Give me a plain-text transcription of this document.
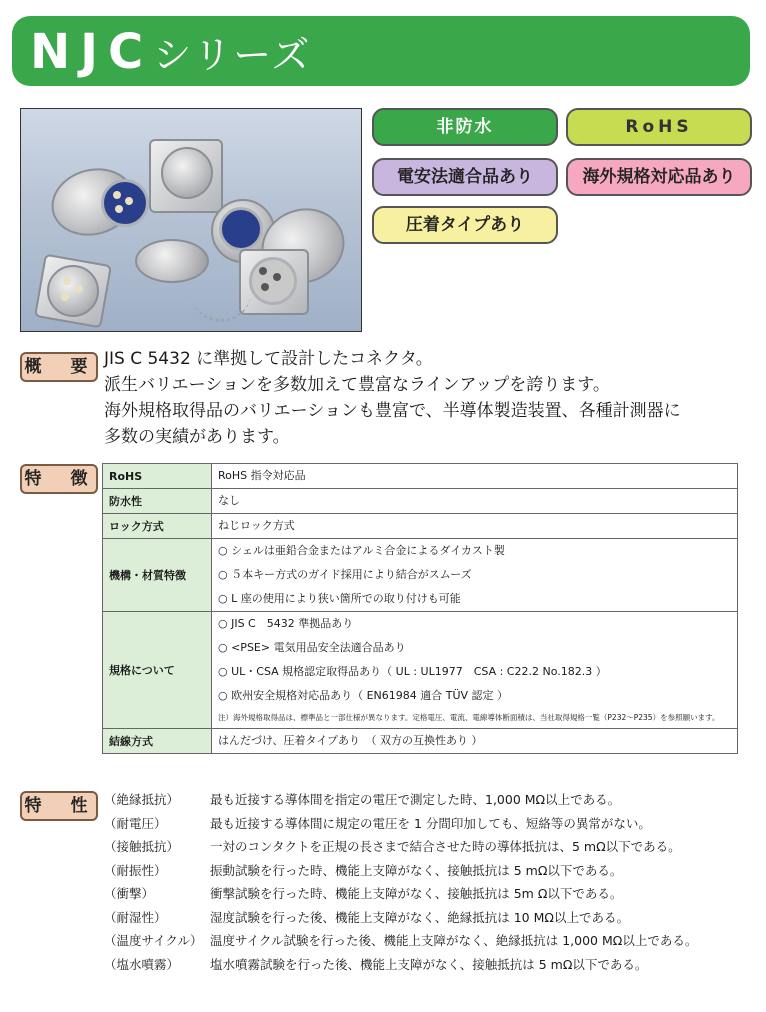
NJCシリーズ
非防水	RoHS
電安法適合品あり	海外規格対応品あり
圧着タイプあり
概　要 JIS C 5432 に準拠して設計したコネクタ。
派生バリエーションを多数加えて豊富なラインアップを誇ります。
海外規格取得品のバリエーションも豊富で、半導体製造装置、各種計測器に
多数の実績があります。
特　徴	RoHS	RoHS 指令対応品

防水性	なし

ロック方式	ねじロック方式

機構・材質特徴	○ シェルは亜鉛合金またはアルミ合金によるダイカスト製
○ ５本キー方式のガイド採用により結合がスムーズ
○ L 座の使用により狭い箇所での取り付けも可能

規格について	○ JIS C　5432 準拠品あり
○ <PSE> 電気用品安全法適合品あり
○ UL・CSA 規格認定取得品あり（ UL : UL1977　CSA : C22.2 No.182.3 ）
○ 欧州安全規格対応品あり（ EN61984 適合 TÜV 認定 ）
注）海外規格取得品は、標準品と一部仕様が異なります。定格電圧、電流、電線導体断面積は、当社取得規格一覧（P232～P235）を参照願います。

結線方式	はんだづけ、圧着タイプあり　（ 双方の互換性あり ）
特　性 （絶縁抵抗） 最も近接する導体間を指定の電圧で測定した時、1,000 MΩ以上である。
（耐電圧）	最も近接する導体間に規定の電圧を 1 分間印加しても、短絡等の異常がない。
（接触抵抗） 一対のコンタクトを正規の長さまで結合させた時の導体抵抗は、5 mΩ以下である。
（耐振性）	振動試験を行った時、機能上支障がなく、接触抵抗は 5 mΩ以下である。
（衝撃）	衝撃試験を行った時、機能上支障がなく、接触抵抗は 5m Ω以下である。
（耐湿性）	湿度試験を行った後、機能上支障がなく、絶縁抵抗は 10 MΩ以上である。
（温度サイクル） 温度サイクル試験を行った後、機能上支障がなく、絶縁抵抗は 1,000 MΩ以上である。
（塩水噴霧） 塩水噴霧試験を行った後、機能上支障がなく、接触抵抗は 5 mΩ以下である。
